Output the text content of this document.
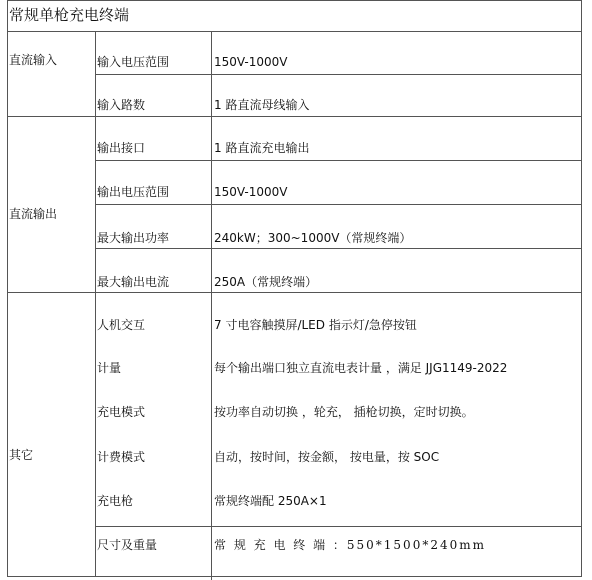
常规单枪充电终端
直流输入
直流输出
其它
输入电压范围
输入路数
输出接口
输出电压范围
最大输出功率
最大输出电流
人机交互
计量
充电模式
计费模式
充电枪
尺寸及重量
150V-1000V
1 路直流母线输入
1 路直流充电输出
150V-1000V
240kW；300~1000V（常规终端）
250A（常规终端）
7 寸电容触摸屏/LED 指示灯/急停按钮
每个输出端口独立直流电表计量 ，满足 JJG1149-2022
按功率自动切换 ，轮充， 插枪切换，定时切换。
自动，按时间，按金额， 按电量，按 SOC
常规终端配 250A×1
常 规 充 电 终 端 ：550*1500*240mm
